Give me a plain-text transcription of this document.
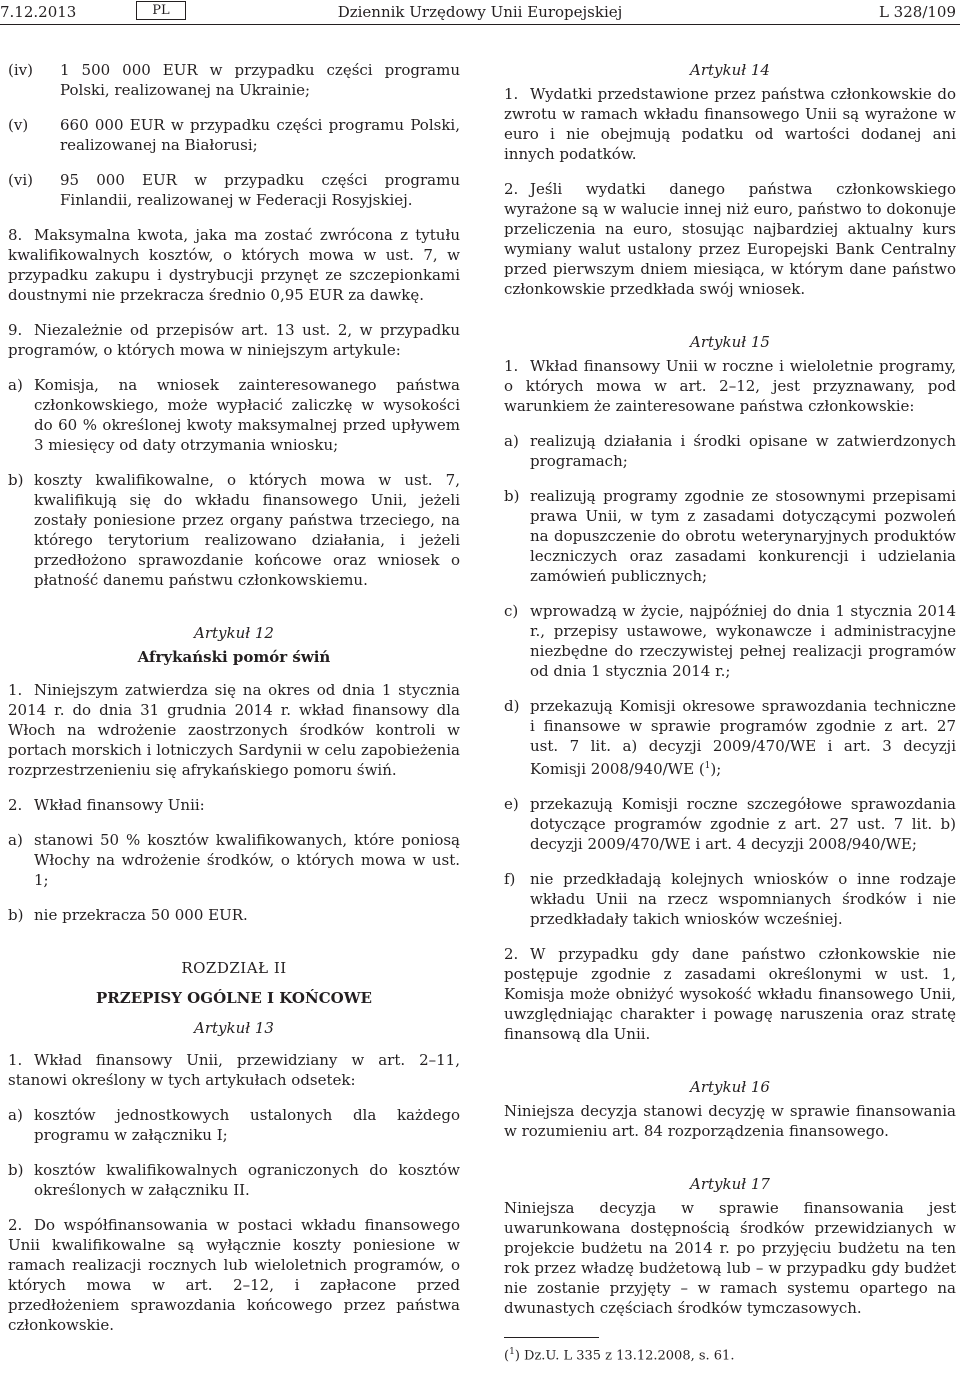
7.12.2013	PL	Dziennik Urzędowy Unii Europejskiej	L 328/109
(iv)	1 500 000 EUR w przypadku części programu Polski, realizowanej na Ukrainie;
(v)	660 000 EUR w przypadku części programu Polski, realizowanej na Białorusi;
(vi)	95 000 EUR w przypadku części programu Finlandii, realizowanej w Federacji Rosyjskiej.

8. Maksymalna kwota, jaka ma zostać zwrócona z tytułu kwalifikowalnych kosztów, o których mowa w ust. 7, w przypadku zakupu i dystrybucji przynęt ze szczepionkami doustnymi nie przekracza średnio 0,95 EUR za dawkę.

9. Niezależnie od przepisów art. 13 ust. 2, w przypadku programów, o których mowa w niniejszym artykule:

a) Komisja, na wniosek zainteresowanego państwa członkowskiego, może wypłacić zaliczkę w wysokości do 60 % określonej kwoty maksymalnej przed upływem 3 miesięcy od daty otrzymania wniosku;
b) koszty kwalifikowalne, o których mowa w ust. 7, kwalifikują się do wkładu finansowego Unii, jeżeli zostały poniesione przez organy państwa trzeciego, na którego terytorium realizowano działania, i jeżeli przedłożono sprawozdanie końcowe oraz wniosek o płatność danemu państwu członkowskiemu.
Artykuł 12
Afrykański pomór świń

1. Niniejszym zatwierdza się na okres od dnia 1 stycznia 2014 r. do dnia 31 grudnia 2014 r. wkład finansowy dla Włoch na wdrożenie zaostrzonych środków kontroli w portach morskich i lotniczych Sardynii w celu zapobieżenia rozprzestrzenieniu się afrykańskiego pomoru świń.

2. Wkład finansowy Unii:

a) stanowi 50 % kosztów kwalifikowanych, które poniosą Włochy na wdrożenie środków, o których mowa w ust. 1;
b) nie przekracza 50 000 EUR.
ROZDZIAŁ II
PRZEPISY OGÓLNE I KOŃCOWE
Artykuł 13

1. Wkład finansowy Unii, przewidziany w art. 2–11, stanowi określony w tych artykułach odsetek:

a) kosztów jednostkowych ustalonych dla każdego programu w załączniku I;
b) kosztów kwalifikowalnych ograniczonych do kosztów określonych w załączniku II.

2. Do współfinansowania w postaci wkładu finansowego Unii kwalifikowalne są wyłącznie koszty poniesione w ramach realizacji rocznych lub wieloletnich programów, o których mowa w art. 2–12, i zapłacone przed przedłożeniem sprawozdania końcowego przez państwa członkowskie.

Artykuł 14

1. Wydatki przedstawione przez państwa członkowskie do zwrotu w ramach wkładu finansowego Unii są wyrażone w euro i nie obejmują podatku od wartości dodanej ani innych podatków.

2. Jeśli wydatki danego państwa członkowskiego wyrażone są w walucie innej niż euro, państwo to dokonuje przeliczenia na euro, stosując najbardziej aktualny kurs wymiany walut ustalony przez Europejski Bank Centralny przed pierwszym dniem miesiąca, w którym dane państwo członkowskie przedkłada swój wniosek.

Artykuł 15

1. Wkład finansowy Unii w roczne i wieloletnie programy, o których mowa w art. 2–12, jest przyznawany, pod warunkiem że zainteresowane państwa członkowskie:

a) realizują działania i środki opisane w zatwierdzonych programach;
b) realizują programy zgodnie ze stosownymi przepisami prawa Unii, w tym z zasadami dotyczącymi pozwoleń na dopuszczenie do obrotu weterynaryjnych produktów leczniczych oraz zasadami konkurencji i udzielania zamówień publicznych;
c) wprowadzą w życie, najpóźniej do dnia 1 stycznia 2014 r., przepisy ustawowe, wykonawcze i administracyjne niezbędne do rzeczywistej pełnej realizacji programów od dnia 1 stycznia 2014 r.;
d) przekazują Komisji okresowe sprawozdania techniczne i finansowe w sprawie programów zgodnie z art. 27 ust. 7 lit. a) decyzji 2009/470/WE i art. 3 decyzji Komisji 2008/940/WE ($^1$);
e) przekazują Komisji roczne szczegółowe sprawozdania dotyczące programów zgodnie z art. 27 ust. 7 lit. b) decyzji 2009/470/WE i art. 4 decyzji 2008/940/WE;
f) nie przedkładają kolejnych wniosków o inne rodzaje wkładu Unii na rzecz wspomnianych środków i nie przedkładały takich wniosków wcześniej.

2. W przypadku gdy dane państwo członkowskie nie postępuje zgodnie z zasadami określonymi w ust. 1, Komisja może obniżyć wysokość wkładu finansowego Unii, uwzględniając charakter i powagę naruszenia oraz stratę finansową dla Unii.

Artykuł 16

Niniejsza decyzja stanowi decyzję w sprawie finansowania w rozumieniu art. 84 rozporządzenia finansowego.

Artykuł 17

Niniejsza decyzja w sprawie finansowania jest uwarunkowana dostępnością środków przewidzianych w projekcie budżetu na 2014 r. po przyjęciu budżetu na ten rok przez władzę budżetową lub – w przypadku gdy budżet nie zostanie przyjęty – w ramach systemu opartego na dwunastych częściach środków tymczasowych.

($^1$) Dz.U. L 335 z 13.12.2008, s. 61.
